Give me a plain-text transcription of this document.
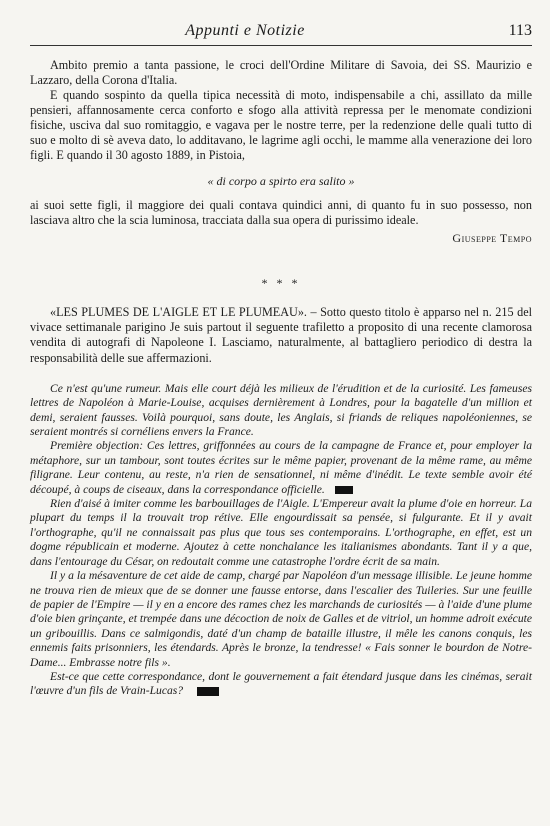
Appunti e Notizie	113

Ambito premio a tanta passione, le croci dell'Ordine Militare di Savoia, dei SS. Maurizio e Lazzaro, della Corona d'Italia.

E quando sospinto da quella tipica necessità di moto, indispensabile a chi, assillato da mille pensieri, affannosamente cerca conforto e sfogo alla attività repressa per le menomate condizioni fisiche, usciva dal suo romitaggio, e vagava per le nostre terre, per la redenzione delle quali tutto di suo e molto di sè aveva dato, lo additavano, le lagrime agli occhi, le mamme alla venerazione dei loro figli. E quando il 30 agosto 1889, in Pistoia,

« di corpo a spirto era salito »

ai suoi sette figli, il maggiore dei quali contava quindici anni, di quanto fu in suo possesso, non lasciava altro che la scia luminosa, tracciata dalla sua opera di purissimo ideale.

Giuseppe Tempo

* * *

«LES PLUMES DE L'AIGLE ET LE PLUMEAU». – Sotto questo titolo è apparso nel n. 215 del vivace settimanale parigino Je suis partout il seguente trafiletto a proposito di una recente clamorosa vendita di autografi di Napoleone I. Lasciamo, naturalmente, al battagliero periodico di destra la responsabilità delle sue affermazioni.

Ce n'est qu'une rumeur. Mais elle court déjà les milieux de l'érudition et de la curiosité. Les fameuses lettres de Napoléon à Marie-Louise, acquises dernièrement à Londres, pour la bagatelle d'un million et demi, seraient fausses. Voilà pourquoi, sans doute, les Anglais, si friands de reliques napoléoniennes, se seraient montrés si cornéliens envers la France.

Première objection: Ces lettres, griffonnées au cours de la campagne de France et, pour employer la métaphore, sur un tambour, sont toutes écrites sur le même papier, provenant de la même rame, au même filigrane. Leur contenu, au reste, n'a rien de sensationnel, ni même d'inédit. Le texte semble avoir été découpé, à coups de ciseaux, dans la correspondance officielle.

Rien d'aisé à imiter comme les barbouillages de l'Aigle. L'Empereur avait la plume d'oie en horreur. La plupart du temps il la trouvait trop rétive. Elle engourdissait sa pensée, si fulgurante. Et il y avait l'orthographe, qu'il ne connaissait pas plus que tous ses contemporains. L'orthographe, en effet, est un dogme républicain et moderne. Ajoutez à cette nonchalance les italianismes abondants. Tant il y a que, dans l'entourage du César, on redoutait comme une catastrophe l'ordre écrit de sa main.

Il y a la mésaventure de cet aide de camp, chargé par Napoléon d'un message illisible. Le jeune homme ne trouva rien de mieux que de se donner une fausse entorse, dans l'escalier des Tuileries. Sur une feuille de papier de l'Empire — il y en a encore des rames chez les marchands de curiosités — à l'aide d'une plume d'oie bien grinçante, et trempée dans une décoction de noix de Galles et de vitriol, un homme adroit exécute un gribouillis. Dans ce salmigondis, daté d'un champ de bataille illustre, il mêle les canons conquis, les ennemis faits prisonniers, les étendards. Après le bronze, la tendresse! « Fais sonner le bourdon de Notre-Dame... Embrasse notre fils ».

Est-ce que cette correspondance, dont le gouvernement a fait étendard jusque dans les cinémas, serait l'œuvre d'un fils de Vrain-Lucas?
